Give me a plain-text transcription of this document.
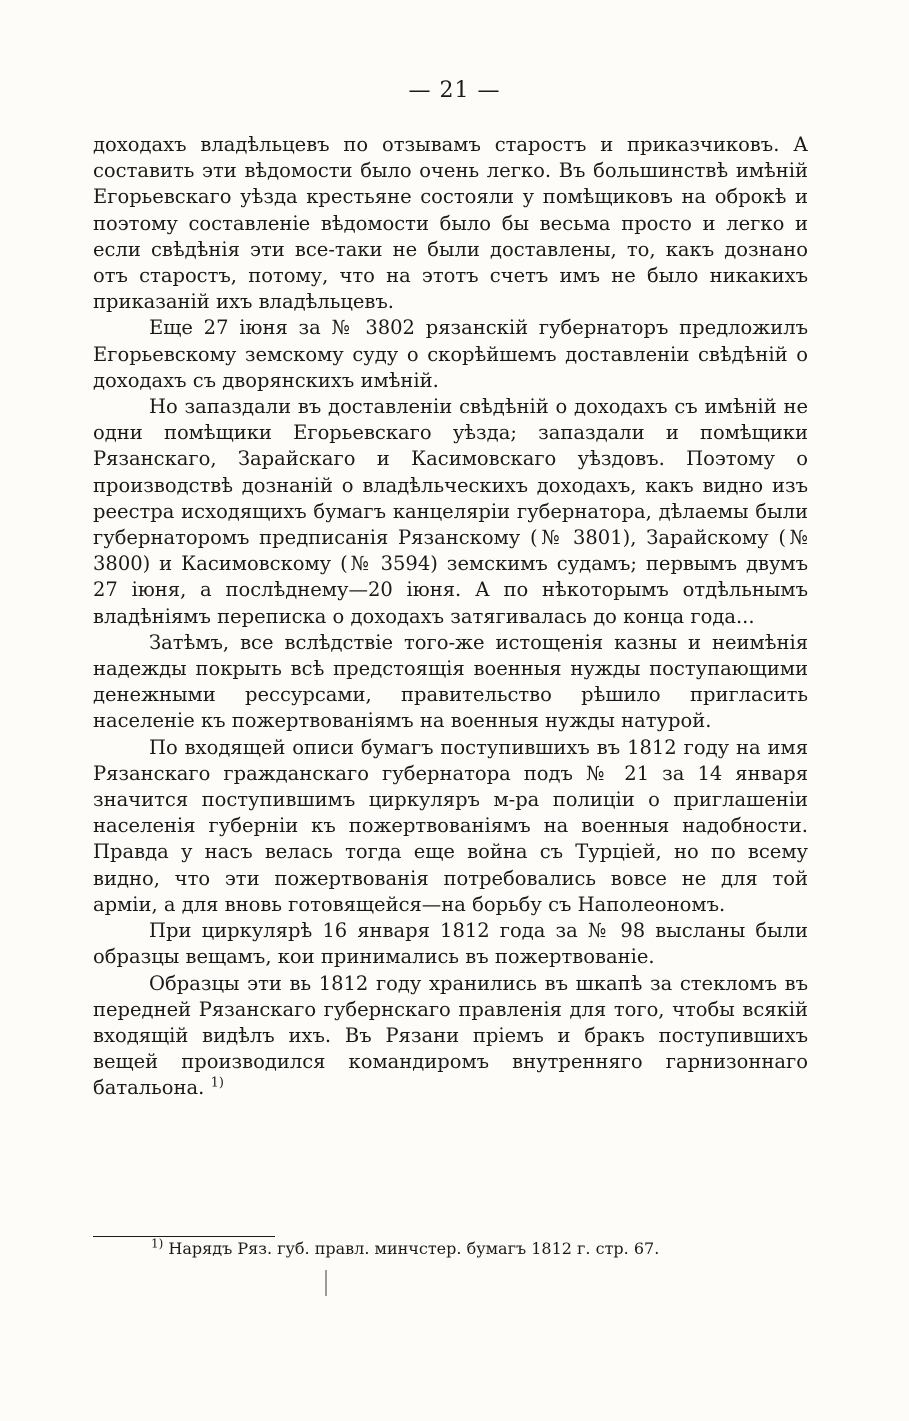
— 21 —

доходахъ владѣльцевъ по отзывамъ старостъ и приказчиковъ. А составить эти вѣдомости было очень легко. Въ большинствѣ имѣній Егорьевскаго уѣзда крестьяне состояли у помѣщиковъ на оброкѣ и поэтому составленіе вѣдомости было бы весьма просто и легко и если свѣдѣнія эти все-таки не были доставлены, то, какъ дознано отъ старостъ, потому, что на этотъ счетъ имъ не было никакихъ приказаній ихъ владѣльцевъ.

Еще 27 іюня за № 3802 рязанскій губернаторъ предложилъ Егорьевскому земскому суду о скорѣйшемъ доставленіи свѣдѣній о доходахъ съ дворянскихъ имѣній.

Но запаздали въ доставленіи свѣдѣній о доходахъ съ имѣній не одни помѣщики Егорьевскаго уѣзда; запаздали и помѣщики Рязанскаго, Зарайскаго и Касимовскаго уѣздовъ. Поэтому о производствѣ дознаній о владѣльческихъ доходахъ, какъ видно изъ реестра исходящихъ бумагъ канцеляріи губернатора, дѣлаемы были губернаторомъ предписанія Рязанскому (№ 3801), Зарайскому (№ 3800) и Касимовскому (№ 3594) земскимъ судамъ; первымъ двумъ 27 іюня, а послѣднему—20 іюня. А по нѣкоторымъ отдѣльнымъ владѣніямъ переписка о доходахъ затягивалась до конца года...

Затѣмъ, все вслѣдствіе того-же истощенія казны и неимѣнія надежды покрыть всѣ предстоящія военныя нужды поступающими денежными рессурсами, правительство рѣшило пригласить населеніе къ пожертвованіямъ на военныя нужды натурой.

По входящей описи бумагъ поступившихъ въ 1812 году на имя Рязанскаго гражданскаго губернатора подъ № 21 за 14 января значится поступившимъ циркуляръ м-ра полиціи о приглашеніи населенія губерніи къ пожертвованіямъ на военныя надобности. Правда у насъ велась тогда еще война съ Турціей, но по всему видно, что эти пожертвованія потребовались вовсе не для той арміи, а для вновь готовящейся—на борьбу съ Наполеономъ.

При циркулярѣ 16 января 1812 года за № 98 высланы были образцы вещамъ, кои принимались въ пожертвованіе.

Образцы эти вь 1812 году хранились въ шкапѣ за стекломъ въ передней Рязанскаго губернскаго правленія для того, чтобы всякій входящій видѣлъ ихъ. Въ Рязани пріемъ и бракъ поступившихъ вещей производился командиромъ внутренняго гарнизоннаго батальона. $^{1)}$

$^{1)}$ Нарядъ Ряз. губ. правл. минчстер. бумагъ 1812 г. стр. 67.
